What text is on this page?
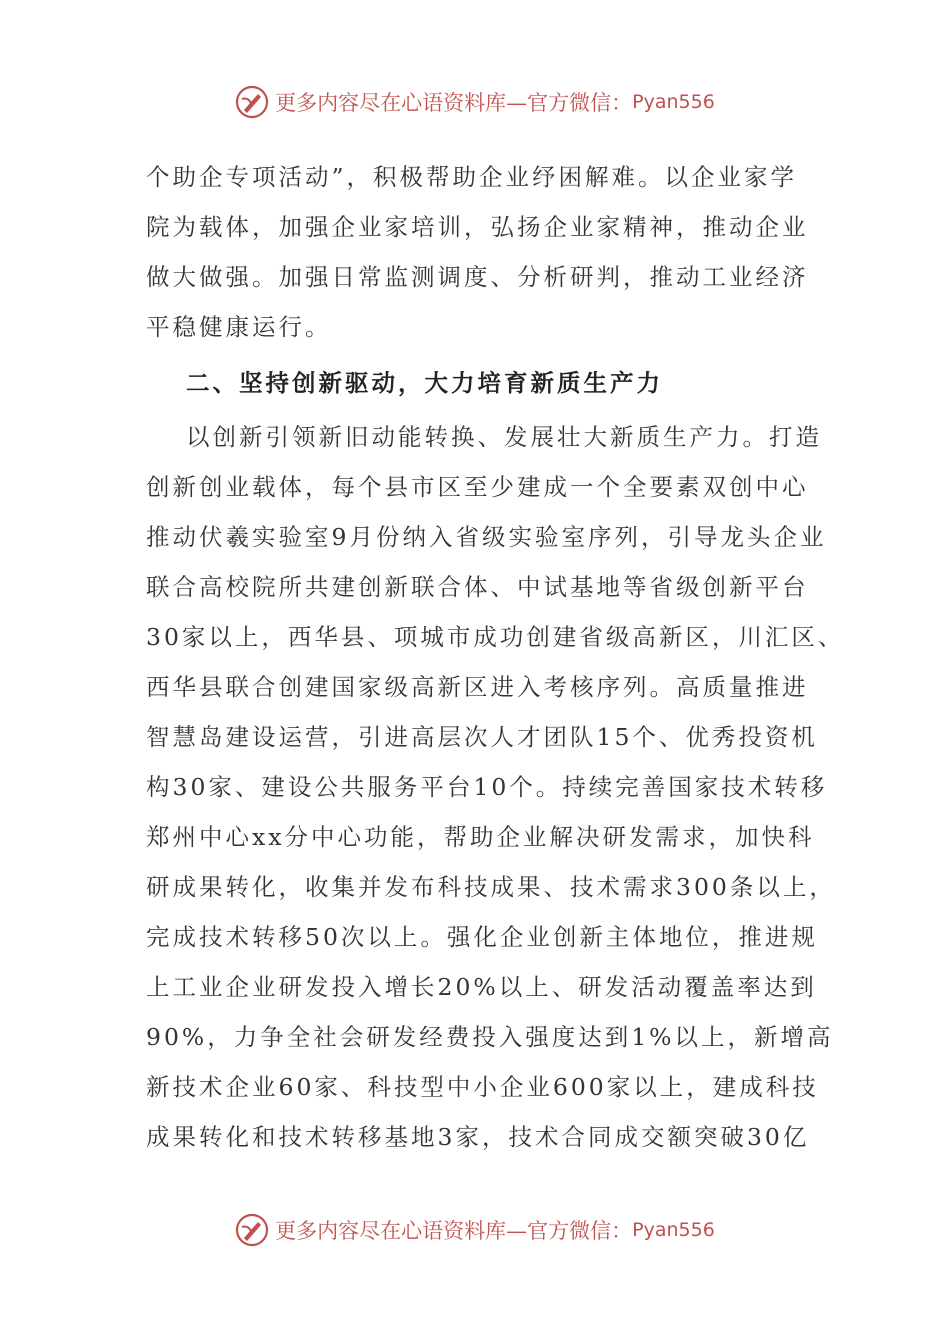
更多内容尽在心语资料库—官方微信： Pyan556

个助企专项活动”，积极帮助企业纾困解难。以企业家学

院为载体，加强企业家培训，弘扬企业家精神，推动企业

做大做强。加强日常监测调度、分析研判，推动工业经济

平稳健康运行。

二、坚持创新驱动，大力培育新质生产力

以创新引领新旧动能转换、发展壮大新质生产力。打造

创新创业载体，每个县市区至少建成一个全要素双创中心

推动伏羲实验室9月份纳入省级实验室序列，引导龙头企业

联合高校院所共建创新联合体、中试基地等省级创新平台

30家以上，西华县、项城市成功创建省级高新区，川汇区、

西华县联合创建国家级高新区进入考核序列。高质量推进

智慧岛建设运营，引进高层次人才团队15个、优秀投资机

构30家、建设公共服务平台10个。持续完善国家技术转移

郑州中心xx分中心功能，帮助企业解决研发需求，加快科

研成果转化，收集并发布科技成果、技术需求300条以上，

完成技术转移50次以上。强化企业创新主体地位，推进规

上工业企业研发投入增长20%以上、研发活动覆盖率达到

90%，力争全社会研发经费投入强度达到1%以上，新增高

新技术企业60家、科技型中小企业600家以上，建成科技

成果转化和技术转移基地3家，技术合同成交额突破30亿

更多内容尽在心语资料库—官方微信： Pyan556
